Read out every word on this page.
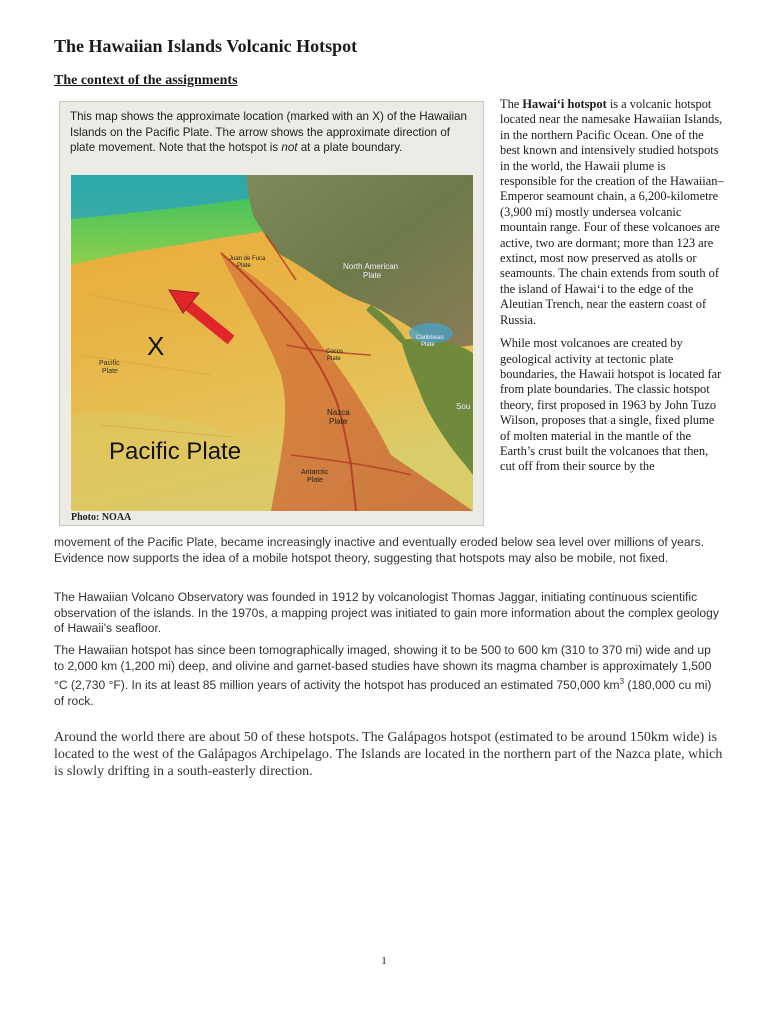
The Hawaiian Islands Volcanic Hotspot

The context of the assignments

This map shows the approximate location (marked with an X) of the Hawaiian Islands on the Pacific Plate. The arrow shows the approximate direction of plate movement. Note that the hotspot is not at a plate boundary.
X
Pacific Plate
Pacific
Plate
North American
Plate
Juan de Fuca
Plate
Cocos
Plate
Caribbean
Plate
Nazca
Plate
Antarctic
Plate
Sou
Photo: NOAA

The Hawaiʻi hotspot is a volcanic hotspot located near the namesake Hawaiian Islands, in the northern Pacific Ocean. One of the best known and intensively studied hotspots in the world, the Hawaii plume is responsible for the creation of the Hawaiian–Emperor seamount chain, a 6,200-kilometre (3,900 mi) mostly undersea volcanic mountain range. Four of these volcanoes are active, two are dormant; more than 123 are extinct, most now preserved as atolls or seamounts. The chain extends from south of the island of Hawaiʻi to the edge of the Aleutian Trench, near the eastern coast of Russia.

While most volcanoes are created by geological activity at tectonic plate boundaries, the Hawaii hotspot is located far from plate boundaries. The classic hotspot theory, first proposed in 1963 by John Tuzo Wilson, proposes that a single, fixed plume of molten material in the mantle of the Earth’s crust built the volcanoes that then, cut off from their source by the

movement of the Pacific Plate, became increasingly inactive and eventually eroded below sea level over millions of years. Evidence now supports the idea of a mobile hotspot theory, suggesting that hotspots may also be mobile, not fixed.

The Hawaiian Volcano Observatory was founded in 1912 by volcanologist Thomas Jaggar, initiating continuous scientific observation of the islands. In the 1970s, a mapping project was initiated to gain more information about the complex geology of Hawaii's seafloor.

The Hawaiian hotspot has since been tomographically imaged, showing it to be 500 to 600 km (310 to 370 mi) wide and up to 2,000 km (1,200 mi) deep, and olivine and garnet-based studies have shown its magma chamber is approximately 1,500 °C (2,730 °F). In its at least 85 million years of activity the hotspot has produced an estimated 750,000 $km^3$ (180,000 cu mi) of rock.

Around the world there are about 50 of these hotspots. The Galápagos hotspot (estimated to be around 150km wide) is located to the west of the Galápagos Archipelago. The Islands are located in the northern part of the Nazca plate, which is slowly drifting in a south-easterly direction.

1
